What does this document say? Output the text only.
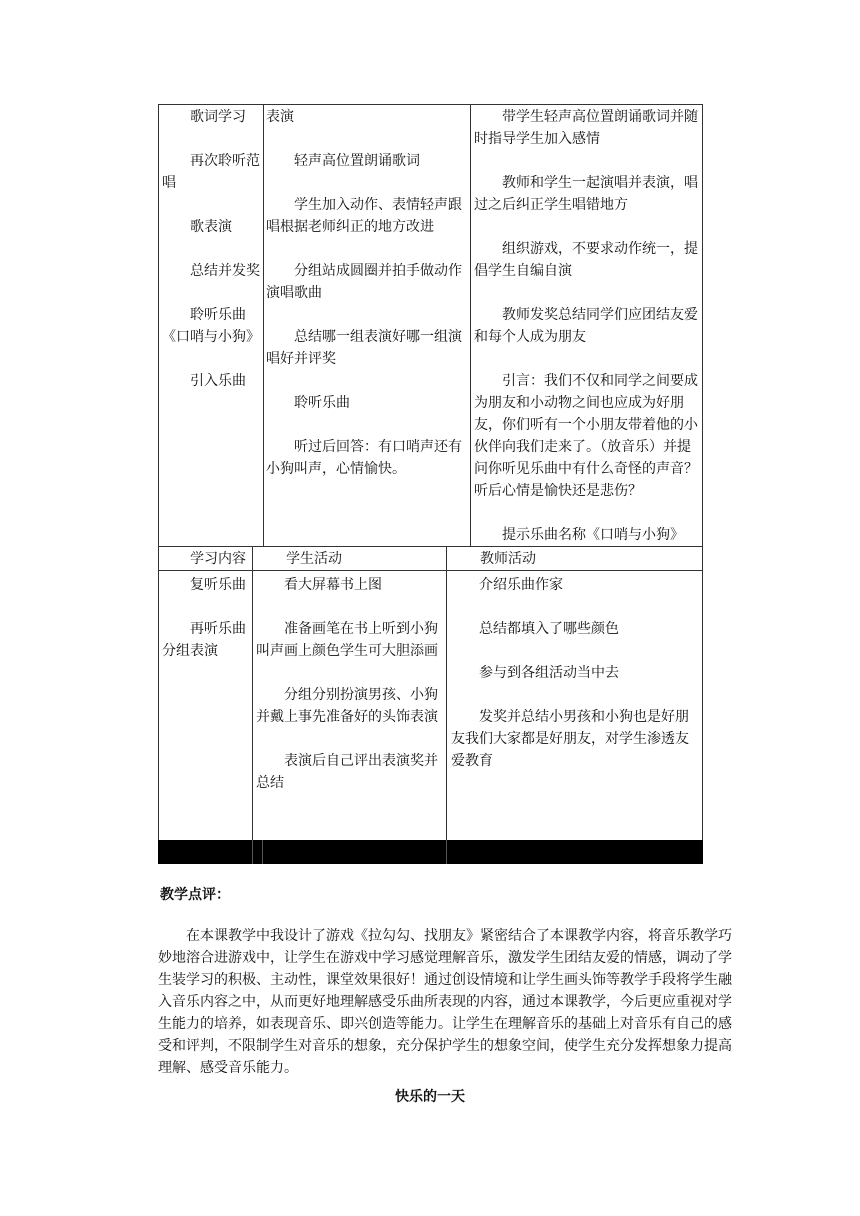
歌词学习

再次聆听范唱

歌表演

总结并发奖

聆听乐曲《口哨与小狗》

引入乐曲

表演

轻声高位置朗诵歌词

学生加入动作、表情轻声跟唱根据老师纠正的地方改进

分组站成圆圈并拍手做动作演唱歌曲

总结哪一组表演好哪一组演唱好并评奖

聆听乐曲

听过后回答：有口哨声还有小狗叫声，心情愉快。

带学生轻声高位置朗诵歌词并随时指导学生加入感情

教师和学生一起演唱并表演，唱过之后纠正学生唱错地方

组织游戏，不要求动作统一，提倡学生自编自演

教师发奖总结同学们应团结友爱和每个人成为朋友

引言：我们不仅和同学之间要成为朋友和小动物之间也应成为好朋友，你们听有一个小朋友带着他的小伙伴向我们走来了。（放音乐）并提问你听见乐曲中有什么奇怪的声音？听后心情是愉快还是悲伤？

提示乐曲名称《口哨与小狗》

学习内容	学生活动	教师活动

复听乐曲

再听乐曲分组表演

看大屏幕书上图

准备画笔在书上听到小狗叫声画上颜色学生可大胆添画

分组分别扮演男孩、小狗并戴上事先准备好的头饰表演

表演后自己评出表演奖并总结

介绍乐曲作家

总结都填入了哪些颜色

参与到各组活动当中去

发奖并总结小男孩和小狗也是好朋友我们大家都是好朋友，对学生渗透友爱教育

教学点评：
在本课教学中我设计了游戏《拉勾勾、找朋友》紧密结合了本课教学内容，将音乐教学巧妙地溶合进游戏中，让学生在游戏中学习感觉理解音乐，激发学生团结友爱的情感，调动了学生装学习的积极、主动性，课堂效果很好！通过创设情境和让学生画头饰等教学手段将学生融入音乐内容之中，从而更好地理解感受乐曲所表现的内容，通过本课教学，今后更应重视对学生能力的培养，如表现音乐、即兴创造等能力。让学生在理解音乐的基础上对音乐有自己的感受和评判，不限制学生对音乐的想象，充分保护学生的想象空间，使学生充分发挥想象力提高理解、感受音乐能力。
快乐的一天
